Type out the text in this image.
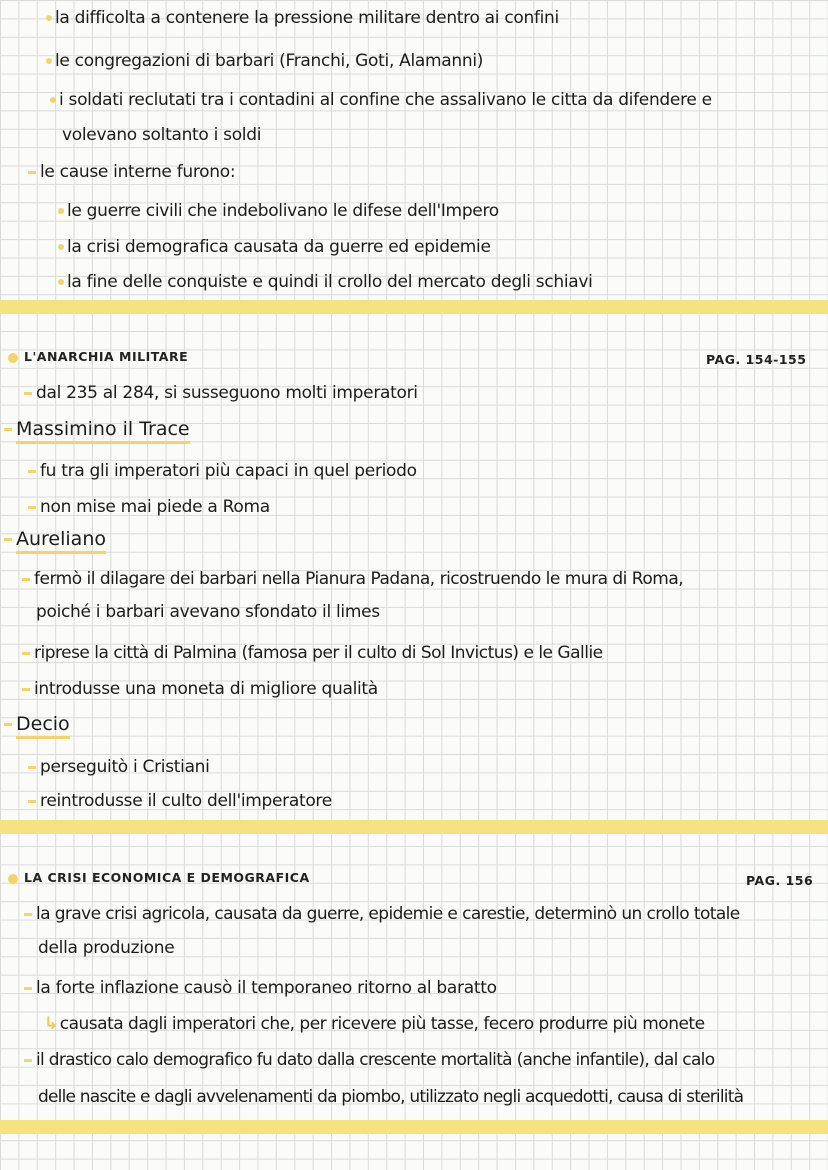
la difficolta a contenere la pressione militare dentro ai confini
le congregazioni di barbari (Franchi, Goti, Alamanni)
i soldati reclutati tra i contadini al confine che assalivano le citta da difendere e
volevano soltanto i soldi
le cause interne furono:
le guerre civili che indebolivano le difese dell'Impero
la crisi demografica causata da guerre ed epidemie
la fine delle conquiste e quindi il crollo del mercato degli schiavi
L'ANARCHIA MILITARE	PAG. 154-155
dal 235 al 284, si susseguono molti imperatori
Massimino il Trace
fu tra gli imperatori più capaci in quel periodo
non mise mai piede a Roma
Aureliano
fermò il dilagare dei barbari nella Pianura Padana, ricostruendo le mura di Roma,
poiché i barbari avevano sfondato il limes
riprese la città di Palmina (famosa per il culto di Sol Invictus) e le Gallie
introdusse una moneta di migliore qualità
Decio
perseguitò i Cristiani
reintrodusse il culto dell'imperatore
LA CRISI ECONOMICA E DEMOGRAFICA	PAG. 156
la grave crisi agricola, causata da guerre, epidemie e carestie, determinò un crollo totale
della produzione
la forte inflazione causò il temporaneo ritorno al baratto
↳ causata dagli imperatori che, per ricevere più tasse, fecero produrre più monete
il drastico calo demografico fu dato dalla crescente mortalità (anche infantile), dal calo
delle nascite e dagli avvelenamenti da piombo, utilizzato negli acquedotti, causa di sterilità
